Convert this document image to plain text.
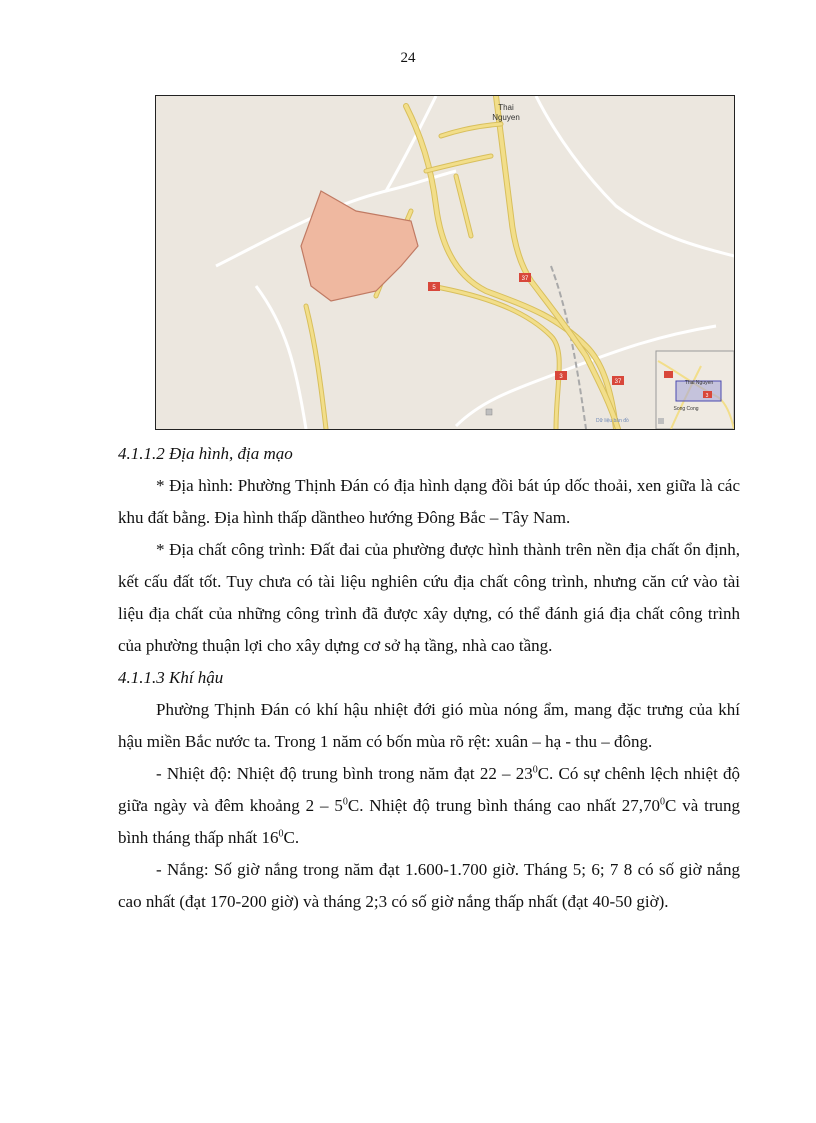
24
Thai
Nguyen
5
37
3
37
Dữ liệu bản đồ
3
Thai Nguyen
Song Cong
4.1.1.2 Địa hình, địa mạo

* Địa hình: Phường Thịnh Đán có địa hình dạng đồi bát úp dốc thoải, xen giữa là các khu đất bằng. Địa hình thấp dầntheo hướng Đông Bắc – Tây Nam.

* Địa chất công trình: Đất đai của phường được hình thành trên nền địa chất ổn định, kết cấu đất tốt. Tuy chưa có tài liệu nghiên cứu địa chất công trình, nhưng căn cứ vào tài liệu địa chất của những công trình đã được xây dựng, có thể đánh giá địa chất công trình của phường thuận lợi cho xây dựng cơ sở hạ tầng, nhà cao tầng.

4.1.1.3 Khí hậu

Phường Thịnh Đán có khí hậu nhiệt đới gió mùa nóng ẩm, mang đặc trưng của khí hậu miền Bắc nước ta. Trong 1 năm có bốn mùa rõ rệt: xuân – hạ - thu – đông.

- Nhiệt độ: Nhiệt độ trung bình trong năm đạt $22 - 23^0C$. Có sự chênh lệch nhiệt độ giữa ngày và đêm khoảng $2 - 5^0C$. Nhiệt độ trung bình tháng cao nhất 27,70$^0$C và trung bình tháng thấp nhất $16^0C$.

- Nắng: Số giờ nắng trong năm đạt 1.600-1.700 giờ. Tháng 5; 6; 7 8 có số giờ nắng cao nhất (đạt 170-200 giờ) và tháng 2;3 có số giờ nắng thấp nhất (đạt 40-50 giờ).
